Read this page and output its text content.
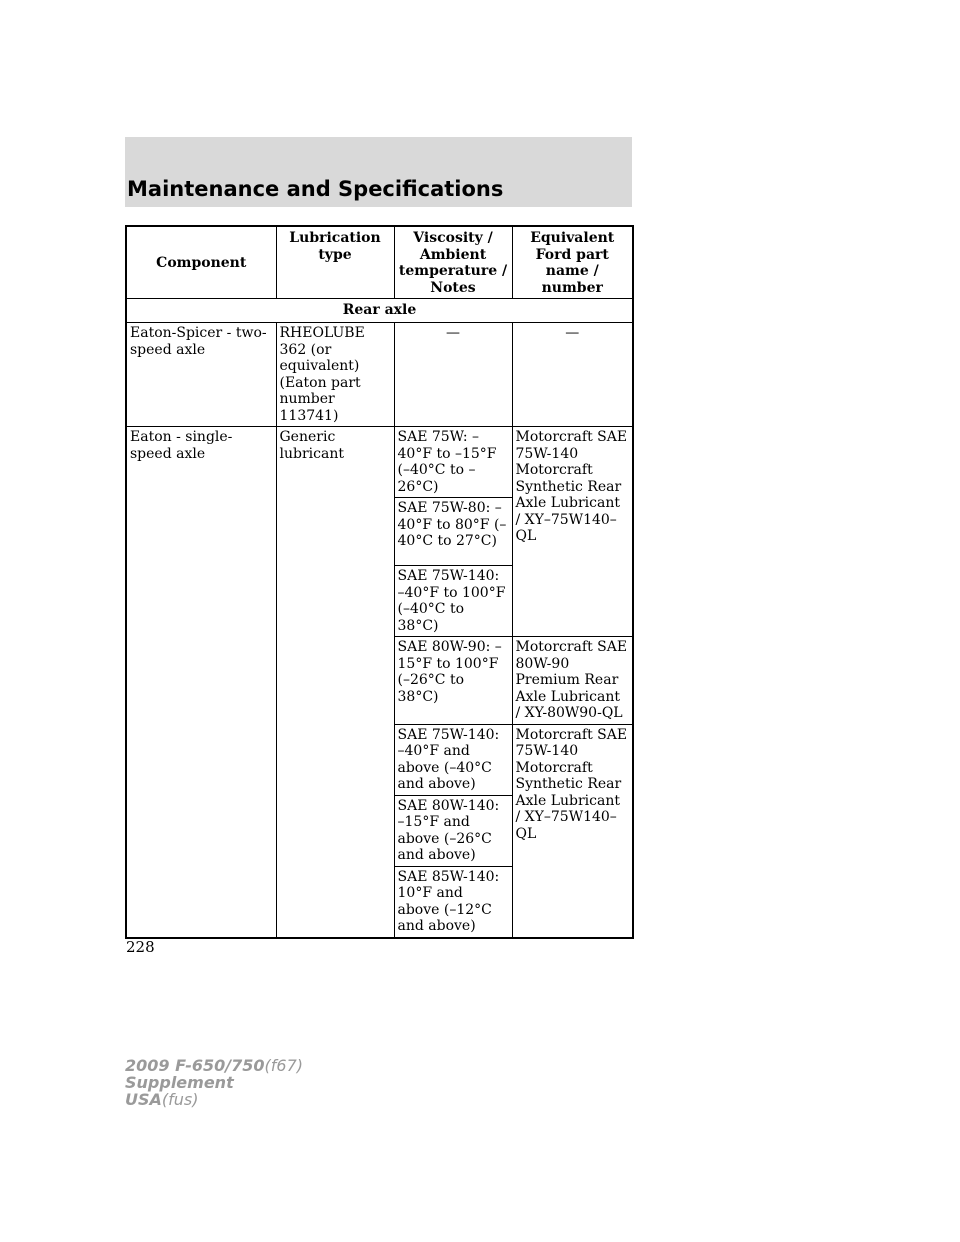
Maintenance and Specifications
Component	Lubrication type	Viscosity / Ambient temperature / Notes	Equivalent Ford part name / number
Rear axle			
Eaton-Spicer - two-speed axle	RHEOLUBE 362 (or equivalent) (Eaton part number 113741)	—	—
Eaton - single-speed axle	Generic lubricant	SAE 75W: –40°F to –15°F (–40°C to –26°C)	Motorcraft SAE 75W-140 Motorcraft Synthetic Rear Axle Lubricant / XY–75W140–QL
		SAE 75W-80: –40°F to 80°F (–40°C to 27°C)	
		SAE 75W-140: –40°F to 100°F (–40°C to 38°C)	
		SAE 80W-90: –15°F to 100°F (–26°C to 38°C)	Motorcraft SAE 80W-90 Premium Rear Axle Lubricant / XY-80W90-QL
		SAE 75W-140: –40°F and above (–40°C and above)	Motorcraft SAE 75W-140 Motorcraft Synthetic Rear Axle Lubricant / XY–75W140–QL
		SAE 80W-140: –15°F and above (–26°C and above)	
		SAE 85W-140: 10°F and above (–12°C and above)	
228
2009 F-650/750(f67)
Supplement
USA(fus)
